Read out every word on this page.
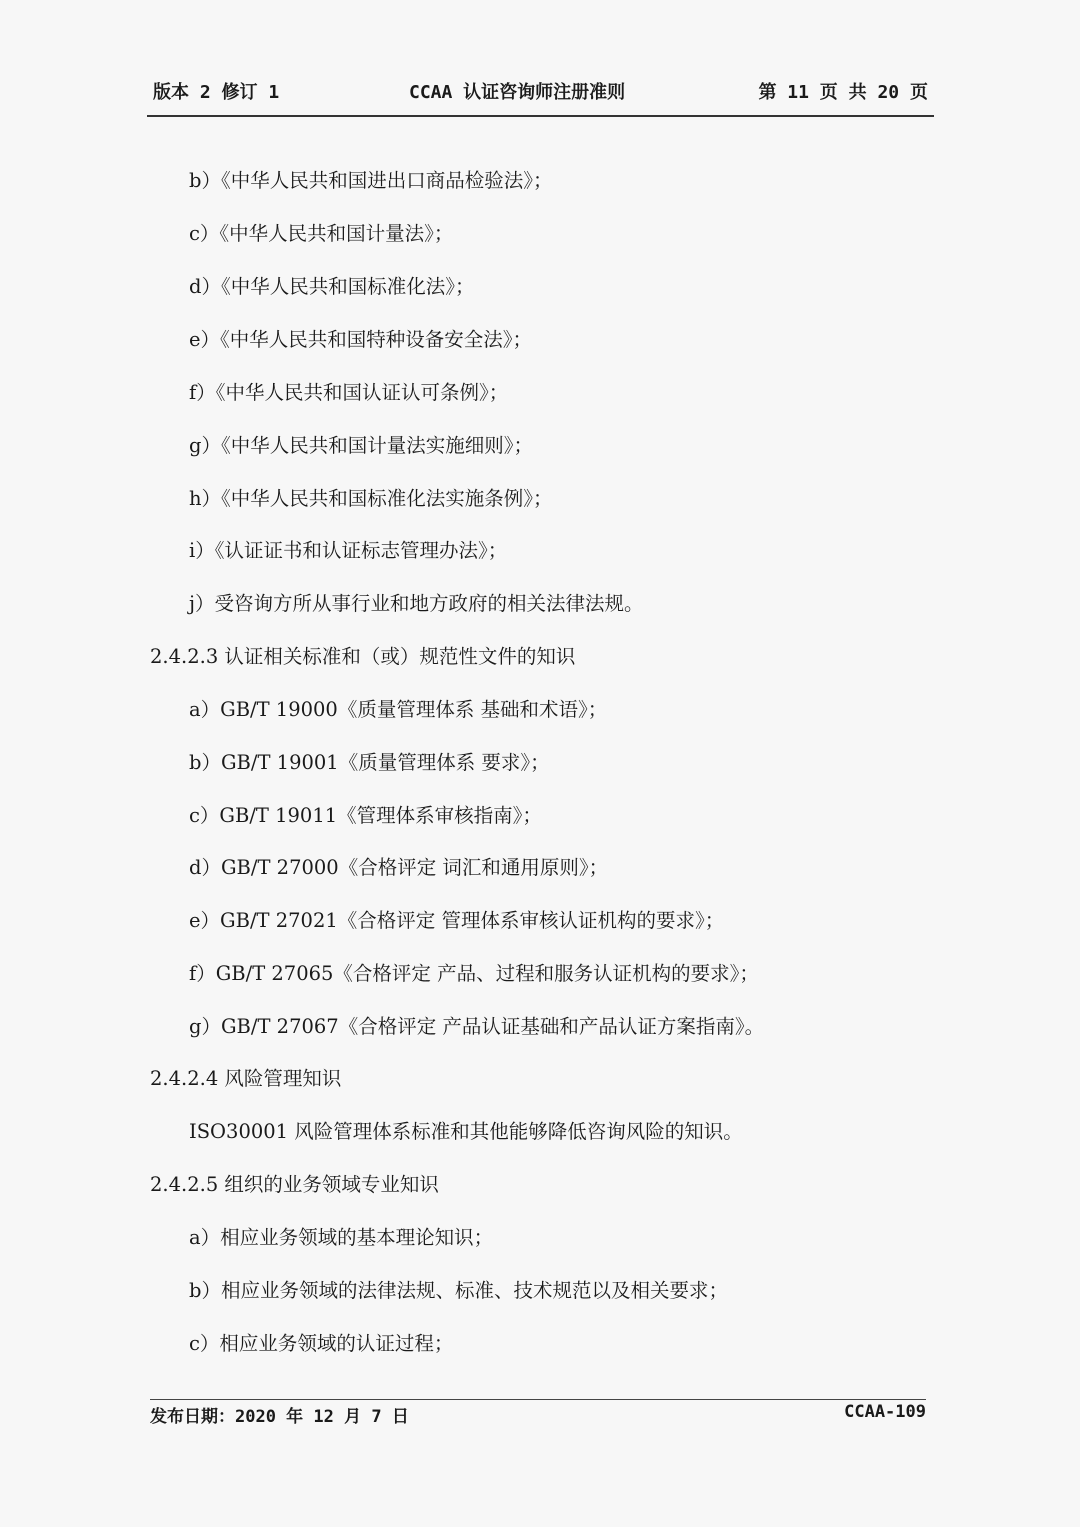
版本 2 修订 1	CCAA 认证咨询师注册准则	第 11 页 共 20 页
b）《中华人民共和国进出口商品检验法》；
c）《中华人民共和国计量法》；
d）《中华人民共和国标准化法》；
e）《中华人民共和国特种设备安全法》；
f）《中华人民共和国认证认可条例》；
g）《中华人民共和国计量法实施细则》；
h）《中华人民共和国标准化法实施条例》；
i）《认证证书和认证标志管理办法》；
j）受咨询方所从事行业和地方政府的相关法律法规。
2.4.2.3 认证相关标准和（或）规范性文件的知识
a）GB/T 19000《质量管理体系 基础和术语》；
b）GB/T 19001《质量管理体系 要求》；
c）GB/T 19011《管理体系审核指南》；
d）GB/T 27000《合格评定 词汇和通用原则》；
e）GB/T 27021《合格评定 管理体系审核认证机构的要求》；
f）GB/T 27065《合格评定 产品、过程和服务认证机构的要求》；
g）GB/T 27067《合格评定 产品认证基础和产品认证方案指南》。
2.4.2.4 风险管理知识
ISO30001 风险管理体系标准和其他能够降低咨询风险的知识。
2.4.2.5 组织的业务领域专业知识
a）相应业务领域的基本理论知识；
b）相应业务领域的法律法规、标准、技术规范以及相关要求；
c）相应业务领域的认证过程；
发布日期：2020 年 12 月 7 日	CCAA-109
